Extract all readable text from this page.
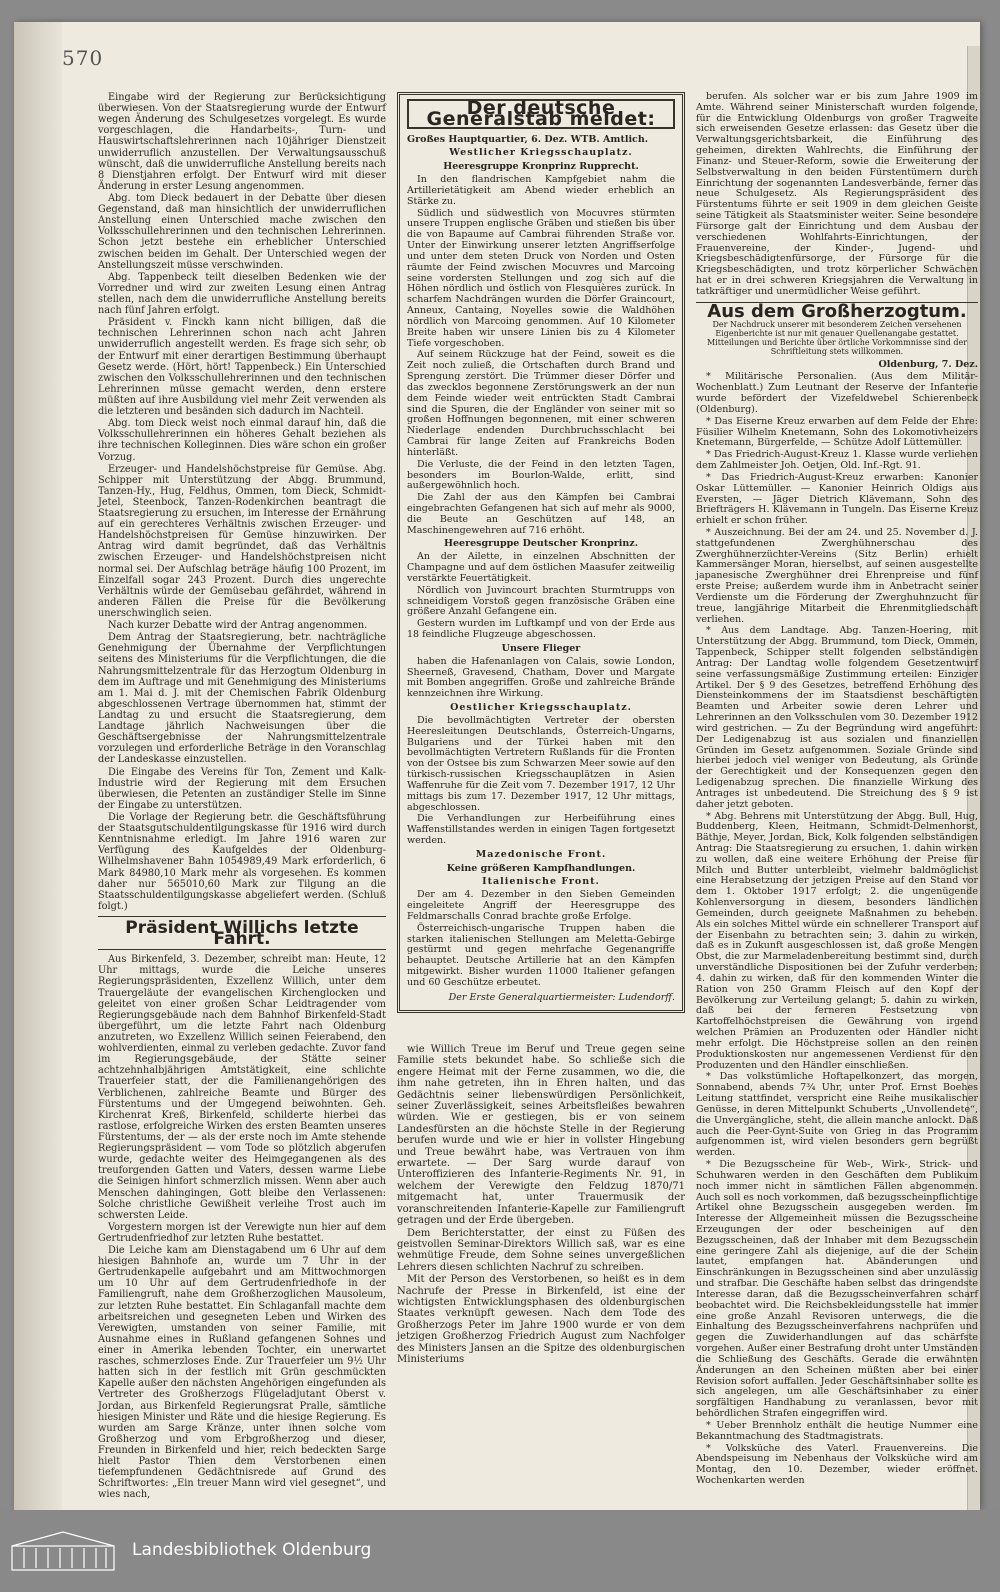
570

Eingabe wird der Regierung zur Berücksichtigung überwiesen. Von der Staatsregierung wurde der Entwurf wegen Änderung des Schulgesetzes vorgelegt. Es wurde vorgeschlagen, die Handarbeits-, Turn- und Hauswirtschaftslehrerinnen nach 10jähriger Dienstzeit unwiderruflich anzustellen. Der Verwaltungsausschuß wünscht, daß die unwiderrufliche Anstellung bereits nach 8 Dienstjahren erfolgt. Der Entwurf wird mit dieser Änderung in erster Lesung angenommen.

Abg. tom Dieck bedauert in der Debatte über diesen Gegenstand, daß man hinsichtlich der unwiderruflichen Anstellung einen Unterschied mache zwischen den Volksschullehrerinnen und den technischen Lehrerinnen. Schon jetzt bestehe ein erheblicher Unterschied zwischen beiden im Gehalt. Der Unterschied wegen der Anstellungszeit müsse verschwinden.

Abg. Tappenbeck teilt dieselben Bedenken wie der Vorredner und wird zur zweiten Lesung einen Antrag stellen, nach dem die unwiderrufliche Anstellung bereits nach fünf Jahren erfolgt.

Präsident v. Finckh kann nicht billigen, daß die technischen Lehrerinnen schon nach acht Jahren unwiderruflich angestellt werden. Es frage sich sehr, ob der Entwurf mit einer derartigen Bestimmung überhaupt Gesetz werde. (Hört, hört! Tappenbeck.) Ein Unterschied zwischen den Volksschullehrerinnen und den technischen Lehrerinnen müsse gemacht werden, denn erstere müßten auf ihre Ausbildung viel mehr Zeit verwenden als die letzteren und besänden sich dadurch im Nachteil.

Abg. tom Dieck weist noch einmal darauf hin, daß die Volksschullehrerinnen ein höheres Gehalt beziehen als ihre technischen Kolleginnen. Dies wäre schon ein großer Vorzug.

Erzeuger- und Handelshöchstpreise für Gemüse. Abg. Schipper mit Unterstützung der Abgg. Brummund, Tanzen-Hy., Hug, Feldhus, Ommen, tom Dieck, Schmidt-Jetel, Steenbock, Tanzen-Rodenkirchen beantragt die Staatsregierung zu ersuchen, im Interesse der Ernährung auf ein gerechteres Verhältnis zwischen Erzeuger- und Handelshöchstpreisen für Gemüse hinzuwirken. Der Antrag wird damit begründet, daß das Verhältnis zwischen Erzeuger- und Handelshöchstpreisen nicht normal sei. Der Aufschlag beträge häufig 100 Prozent, im Einzelfall sogar 243 Prozent. Durch dies ungerechte Verhältnis würde der Gemüsebau gefährdet, während in anderen Fällen die Preise für die Bevölkerung unerschwinglich seien.

Nach kurzer Debatte wird der Antrag angenommen.

Dem Antrag der Staatsregierung, betr. nachträgliche Genehmigung der Übernahme der Verpflichtungen seitens des Ministeriums für die Verpflichtungen, die die Nahrungsmittelzentrale für das Herzogtum Oldenburg in dem im Auftrage und mit Genehmigung des Ministeriums am 1. Mai d. J. mit der Chemischen Fabrik Oldenburg abgeschlossenen Vertrage übernommen hat, stimmt der Landtag zu und ersucht die Staatsregierung, dem Landtage jährlich Nachweisungen über die Geschäftsergebnisse der Nahrungsmittelzentrale vorzulegen und erforderliche Beträge in den Voranschlag der Landeskasse einzustellen.

Die Eingabe des Vereins für Ton, Zement und Kalk-Industrie wird der Regierung mit dem Ersuchen überwiesen, die Petenten an zuständiger Stelle im Sinne der Eingabe zu unterstützen.

Die Vorlage der Regierung betr. die Geschäftsführung der Staatsgutschuldentilgungskasse für 1916 wird durch Kenntnisnahme erledigt. Im Jahre 1916 waren zur Verfügung des Kaufgeldes der Oldenburg-Wilhelmshavener Bahn 1054989,49 Mark erforderlich, 6 Mark 84980,10 Mark mehr als vorgesehen. Es kommen daher nur 565010,60 Mark zur Tilgung an die Staatsschuldentilgungskasse abgeliefert werden. (Schluß folgt.)

Präsident Willichs letzte Fahrt.

Aus Birkenfeld, 3. Dezember, schreibt man: Heute, 12 Uhr mittags, wurde die Leiche unseres Regierungspräsidenten, Exzellenz Willich, unter dem Trauergeläute der evangelischen Kirchenglocken und geleitet von einer großen Schar Leidtragender vom Regierungsgebäude nach dem Bahnhof Birkenfeld-Stadt übergeführt, um die letzte Fahrt nach Oldenburg anzutreten, wo Exzellenz Willich seinen Feierabend, den wohlverdienten, einmal zu verleben gedachte. Zuvor fand im Regierungsgebäude, der Stätte seiner achtzehnhalbjährigen Amtstätigkeit, eine schlichte Trauerfeier statt, der die Familienangehörigen des Verblichenen, zahlreiche Beamte und Bürger des Fürstentums und der Umgegend beiwohnten. Geh. Kirchenrat Kreß, Birkenfeld, schilderte hierbei das rastlose, erfolgreiche Wirken des ersten Beamten unseres Fürstentums, der — als der erste noch im Amte stehende Regierungspräsident — vom Tode so plötzlich abgerufen wurde, gedachte weiter des Heimgegangenen als des treuforgenden Gatten und Vaters, dessen warme Liebe die Seinigen hinfort schmerzlich missen. Wenn aber auch Menschen dahingingen, Gott bleibe den Verlassenen: Solche christliche Gewißheit verleihe Trost auch im schwersten Leide.

Vorgestern morgen ist der Verewigte nun hier auf dem Gertrudenfriedhof zur letzten Ruhe bestattet.

Die Leiche kam am Dienstagabend um 6 Uhr auf dem hiesigen Bahnhofe an, wurde um 7 Uhr in der Gertrudenkapelle aufgebahrt und am Mittwochmorgen um 10 Uhr auf dem Gertrudenfriedhofe in der Familiengruft, nahe dem Großherzoglichen Mausoleum, zur letzten Ruhe bestattet. Ein Schlaganfall machte dem arbeitsreichen und gesegneten Leben und Wirken des Verewigten, umstanden von seiner Familie, mit Ausnahme eines in Rußland gefangenen Sohnes und einer in Amerika lebenden Tochter, ein unerwartet rasches, schmerzloses Ende. Zur Trauerfeier um 9½ Uhr hatten sich in der festlich mit Grün geschmückten Kapelle außer den nächsten Angehörigen eingefunden als Vertreter des Großherzogs Flügeladjutant Oberst v. Jordan, aus Birkenfeld Regierungsrat Pralle, sämtliche hiesigen Minister und Räte und die hiesige Regierung. Es wurden am Sarge Kränze, unter ihnen solche vom Großherzog und vom Erbgroßherzog und dieser, Freunden in Birkenfeld und hier, reich bedeckten Sarge hielt Pastor Thien dem Verstorbenen einen tiefempfundenen Gedächtnisrede auf Grund des Schriftwortes: „Ein treuer Mann wird viel gesegnet“, und wies nach,

Der deutsche Generalstab meldet:
Großes Hauptquartier, 6. Dez. WTB. Amtlich.
Westlicher Kriegsschauplatz.
Heeresgruppe Kronprinz Rupprecht.

In den flandrischen Kampfgebiet nahm die Artillerietätigkeit am Abend wieder erheblich an Stärke zu.

Südlich und südwestlich von Mocuvres stürmten unsere Truppen englische Gräben und stießen bis über die von Bapaume auf Cambrai führenden Straße vor. Unter der Einwirkung unserer letzten Angriffserfolge und unter dem steten Druck von Norden und Osten räumte der Feind zwischen Mocuvres und Marcoing seine vordersten Stellungen und zog sich auf die Höhen nördlich und östlich von Flesquières zurück. In scharfem Nachdrängen wurden die Dörfer Graincourt, Anneux, Cantaing, Noyelles sowie die Waldhöhen nördlich von Marcoing genommen. Auf 10 Kilometer Breite haben wir unsere Linien bis zu 4 Kilometer Tiefe vorgeschoben.

Auf seinem Rückzuge hat der Feind, soweit es die Zeit noch zuließ, die Ortschaften durch Brand und Sprengung zerstört. Die Trümmer dieser Dörfer und das zwecklos begonnene Zerstörungswerk an der nun dem Feinde wieder weit entrückten Stadt Cambrai sind die Spuren, die der Engländer von seiner mit so großen Hoffnungen begonnenen, mit einer schweren Niederlage endenden Durchbruchsschlacht bei Cambrai für lange Zeiten auf Frankreichs Boden hinterläßt.

Die Verluste, die der Feind in den letzten Tagen, besonders im Bourlon-Walde, erlitt, sind außergewöhnlich hoch.

Die Zahl der aus den Kämpfen bei Cambrai eingebrachten Gefangenen hat sich auf mehr als 9000, die Beute an Geschützen auf 148, an Maschinengewehren auf 716 erhöht.

Heeresgruppe Deutscher Kronprinz.

An der Ailette, in einzelnen Abschnitten der Champagne und auf dem östlichen Maasufer zeitweilig verstärkte Feuertätigkeit.

Nördlich von Juvincourt brachten Sturmtrupps von schneidigem Vorstoß gegen französische Gräben eine größere Anzahl Gefangene ein.

Gestern wurden im Luftkampf und von der Erde aus 18 feindliche Flugzeuge abgeschossen.

Unsere Flieger

haben die Hafenanlagen von Calais, sowie London, Sheerneß, Gravesend, Chatham, Dover und Margate mit Bomben angegriffen. Große und zahlreiche Brände kennzeichnen ihre Wirkung.

Oestlicher Kriegsschauplatz.

Die bevollmächtigten Vertreter der obersten Heeresleitungen Deutschlands, Österreich-Ungarns, Bulgariens und der Türkei haben mit den bevollmächtigten Vertretern Rußlands für die Fronten von der Ostsee bis zum Schwarzen Meer sowie auf den türkisch-russischen Kriegsschauplätzen in Asien Waffenruhe für die Zeit vom 7. Dezember 1917, 12 Uhr mittags bis zum 17. Dezember 1917, 12 Uhr mittags, abgeschlossen.

Die Verhandlungen zur Herbeiführung eines Waffenstillstandes werden in einigen Tagen fortgesetzt werden.

Mazedonische Front.
Keine größeren Kampfhandlungen.
Italienische Front.

Der am 4. Dezember in den Sieben Gemeinden eingeleitete Angriff der Heeresgruppe des Feldmarschalls Conrad brachte große Erfolge.

Österreichisch-ungarische Truppen haben die starken italienischen Stellungen am Meletta-Gebirge gestürmt und gegen mehrfache Gegenangriffe behauptet. Deutsche Artillerie hat an den Kämpfen mitgewirkt. Bisher wurden 11000 Italiener gefangen und 60 Geschütze erbeutet.

Der Erste Generalquartiermeister: Ludendorff.

wie Willich Treue im Beruf und Treue gegen seine Familie stets bekundet habe. So schließe sich die engere Heimat mit der Ferne zusammen, wo die, die ihm nahe getreten, ihn in Ehren halten, und das Gedächtnis seiner liebenswürdigen Persönlichkeit, seiner Zuverlässigkeit, seines Arbeitsfleißes bewahren würden. Wie er gestiegen, bis er von seinem Landesfürsten an die höchste Stelle in der Regierung berufen wurde und wie er hier in vollster Hingebung und Treue bewährt habe, was Vertrauen von ihm erwartete. — Der Sarg wurde darauf von Unteroffizieren des Infanterie-Regiments Nr. 91, in welchem der Verewigte den Feldzug 1870/71 mitgemacht hat, unter Trauermusik der voranschreitenden Infanterie-Kapelle zur Familiengruft getragen und der Erde übergeben.

Dem Berichterstatter, der einst zu Füßen des geistvollen Seminar-Direktors Willich saß, war es eine wehmütige Freude, dem Sohne seines unvergeßlichen Lehrers diesen schlichten Nachruf zu schreiben.

Mit der Person des Verstorbenen, so heißt es in dem Nachrufe der Presse in Birkenfeld, ist eine der wichtigsten Entwicklungsphasen des oldenburgischen Staates verknüpft gewesen. Nach dem Tode des Großherzogs Peter im Jahre 1900 wurde er von dem jetzigen Großherzog Friedrich August zum Nachfolger des Ministers Jansen an die Spitze des oldenburgischen Ministeriums

berufen. Als solcher war er bis zum Jahre 1909 im Amte. Während seiner Ministerschaft wurden folgende, für die Entwicklung Oldenburgs von großer Tragweite sich erweisenden Gesetze erlassen: das Gesetz über die Verwaltungsgerichtsbarkeit, die Einführung des geheimen, direkten Wahlrechts, die Einführung der Finanz- und Steuer-Reform, sowie die Erweiterung der Selbstverwaltung in den beiden Fürstentümern durch Einrichtung der sogenannten Landesverbände, ferner das neue Schulgesetz. Als Regierungspräsident des Fürstentums führte er seit 1909 in dem gleichen Geiste seine Tätigkeit als Staatsminister weiter. Seine besondere Fürsorge galt der Einrichtung und dem Ausbau der verschiedenen Wohlfahrts-Einrichtungen, der Frauenvereine, der Kinder-, Jugend- und Kriegsbeschädigtenfürsorge, der Fürsorge für die Kriegsbeschädigten, und trotz körperlicher Schwächen hat er in drei schweren Kriegsjahren die Verwaltung in tatkräftiger und unermüdlicher Weise geführt.

Aus dem Großherzogtum.
Der Nachdruck unserer mit besonderem Zeichen versehenen Eigenberichte ist nur mit genauer Quellenangabe gestattet. Mitteilungen und Berichte über örtliche Vorkommnisse sind der Schriftleitung stets willkommen.
Oldenburg, 7. Dez.

* Militärische Personalien. (Aus dem Militär-Wochenblatt.) Zum Leutnant der Reserve der Infanterie wurde befördert der Vizefeldwebel Schierenbeck (Oldenburg).

* Das Eiserne Kreuz erwarben auf dem Felde der Ehre: Füsilier Wilhelm Knetemann, Sohn des Lokomotivheizers Knetemann, Bürgerfelde, — Schütze Adolf Lüttemüller.

* Das Friedrich-August-Kreuz 1. Klasse wurde verliehen dem Zahlmeister Joh. Oetjen, Old. Inf.-Rgt. 91.

* Das Friedrich-August-Kreuz erwarben: Kanonier Oskar Lüttemüller. — Kanonier Heinrich Oldigs aus Eversten, — Jäger Dietrich Klävemann, Sohn des Briefträgers H. Klävemann in Tungeln. Das Eiserne Kreuz erhielt er schon früher.

* Auszeichnung. Bei der am 24. und 25. November d. J. stattgefundenen Zwerghühnerschau des Zwerghühnerzüchter-Vereins (Sitz Berlin) erhielt Kammersänger Moran, hierselbst, auf seinen ausgestellte japanesische Zwerghühner drei Ehrenpreise und fünf erste Preise; außerdem wurde ihm in Anbetracht seiner Verdienste um die Förderung der Zwerghuhnzucht für treue, langjährige Mitarbeit die Ehrenmitgliedschaft verliehen.

* Aus dem Landtage. Abg. Tanzen-Hoering, mit Unterstützung der Abgg. Brummund, tom Dieck, Ommen, Tappenbeck, Schipper stellt folgenden selbständigen Antrag: Der Landtag wolle folgendem Gesetzentwurf seine verfassungsmäßige Zustimmung erteilen: Einziger Artikel. Der § 9 des Gesetzes, betreffend Erhöhung des Diensteinkommens der im Staatsdienst beschäftigten Beamten und Arbeiter sowie deren Lehrer und Lehrerinnen an den Volksschulen vom 30. Dezember 1912 wird gestrichen. — Zu der Begründung wird angeführt: Der Ledigenabzug ist aus sozialen und finanziellen Gründen im Gesetz aufgenommen. Soziale Gründe sind hierbei jedoch viel weniger von Bedeutung, als Gründe der Gerechtigkeit und der Konsequenzen gegen den Ledigenabzug sprechen. Die finanzielle Wirkung des Antrages ist unbedeutend. Die Streichung des § 9 ist daher jetzt geboten.

* Abg. Behrens mit Unterstützung der Abgg. Bull, Hug, Buddenberg, Kleen, Heitmann, Schmidt-Delmenhorst, Bäthje, Meyer, Jordan, Bick, Kolk folgenden selbständigen Antrag: Die Staatsregierung zu ersuchen, 1. dahin wirken zu wollen, daß eine weitere Erhöhung der Preise für Milch und Butter unterbleibt, vielmehr baldmöglichst eine Herabsetzung der jetzigen Preise auf den Stand vor dem 1. Oktober 1917 erfolgt; 2. die ungenügende Kohlenversorgung in diesem, besonders ländlichen Gemeinden, durch geeignete Maßnahmen zu beheben. Als ein solches Mittel würde ein schnellerer Transport auf der Eisenbahn zu betrachten sein; 3. dahin zu wirken, daß es in Zukunft ausgeschlossen ist, daß große Mengen Obst, die zur Marmeladenbereitung bestimmt sind, durch unverständliche Dispositionen bei der Zufuhr verderben; 4. dahin zu wirken, daß für den kommenden Winter die Ration von 250 Gramm Fleisch auf den Kopf der Bevölkerung zur Verteilung gelangt; 5. dahin zu wirken, daß bei der ferneren Festsetzung von Kartoffelhöchstpreisen die Gewährung von irgend welchen Prämien an Produzenten oder Händler nicht mehr erfolgt. Die Höchstpreise sollen an den reinen Produktionskosten nur angemessenen Verdienst für den Produzenten und den Händler einschließen.

* Das volkstümliche Hoftapelkonzert, das morgen, Sonnabend, abends 7¾ Uhr, unter Prof. Ernst Boehes Leitung stattfindet, verspricht eine Reihe musikalischer Genüsse, in deren Mittelpunkt Schuberts „Unvollendete“, die Unvergängliche, steht, die allein manche anlockt. Daß auch die Peer-Gynt-Suite von Grieg in das Programm aufgenommen ist, wird vielen besonders gern begrüßt werden.

* Die Bezugsscheine für Web-, Wirk-, Strick- und Schuhwaren werden in den Geschäften dem Publikum noch immer nicht in sämtlichen Fällen abgenommen. Auch soll es noch vorkommen, daß bezugsscheinpflichtige Artikel ohne Bezugsschein ausgegeben werden. Im Interesse der Allgemeinheit müssen die Bezugsscheine Erzeugungen der oder bescheinigen auf den Bezugsscheinen, daß der Inhaber mit dem Bezugsschein eine geringere Zahl als diejenige, auf die der Schein lautet, empfangen hat. Abänderungen und Einschränkungen in Bezugsscheinen sind aber unzulässig und strafbar. Die Geschäfte haben selbst das dringendste Interesse daran, daß die Bezugsscheinverfahren scharf beobachtet wird. Die Reichsbekleidungsstelle hat immer eine große Anzahl Revisoren unterwegs, die die Einhaltung des Bezugsscheinverfahrens nachprüfen und gegen die Zuwiderhandlungen auf das schärfste vorgehen. Außer einer Bestrafung droht unter Umständen die Schließung des Geschäfts. Gerade die erwähnten Änderungen an den Scheinen müßten aber bei einer Revision sofort auffallen. Jeder Geschäftsinhaber sollte es sich angelegen, um alle Geschäftsinhaber zu einer sorgfältigen Handhabung zu veranlassen, bevor mit behördlichen Strafen eingegriffen wird.

* Ueber Brennholz enthält die heutige Nummer eine Bekanntmachung des Stadtmagistrats.

* Volksküche des Vaterl. Frauenvereins. Die Abendspeisung im Nebenhaus der Volksküche wird am Montag, den 10. Dezember, wieder eröffnet. Wochenkarten werden

Landesbibliothek Oldenburg
